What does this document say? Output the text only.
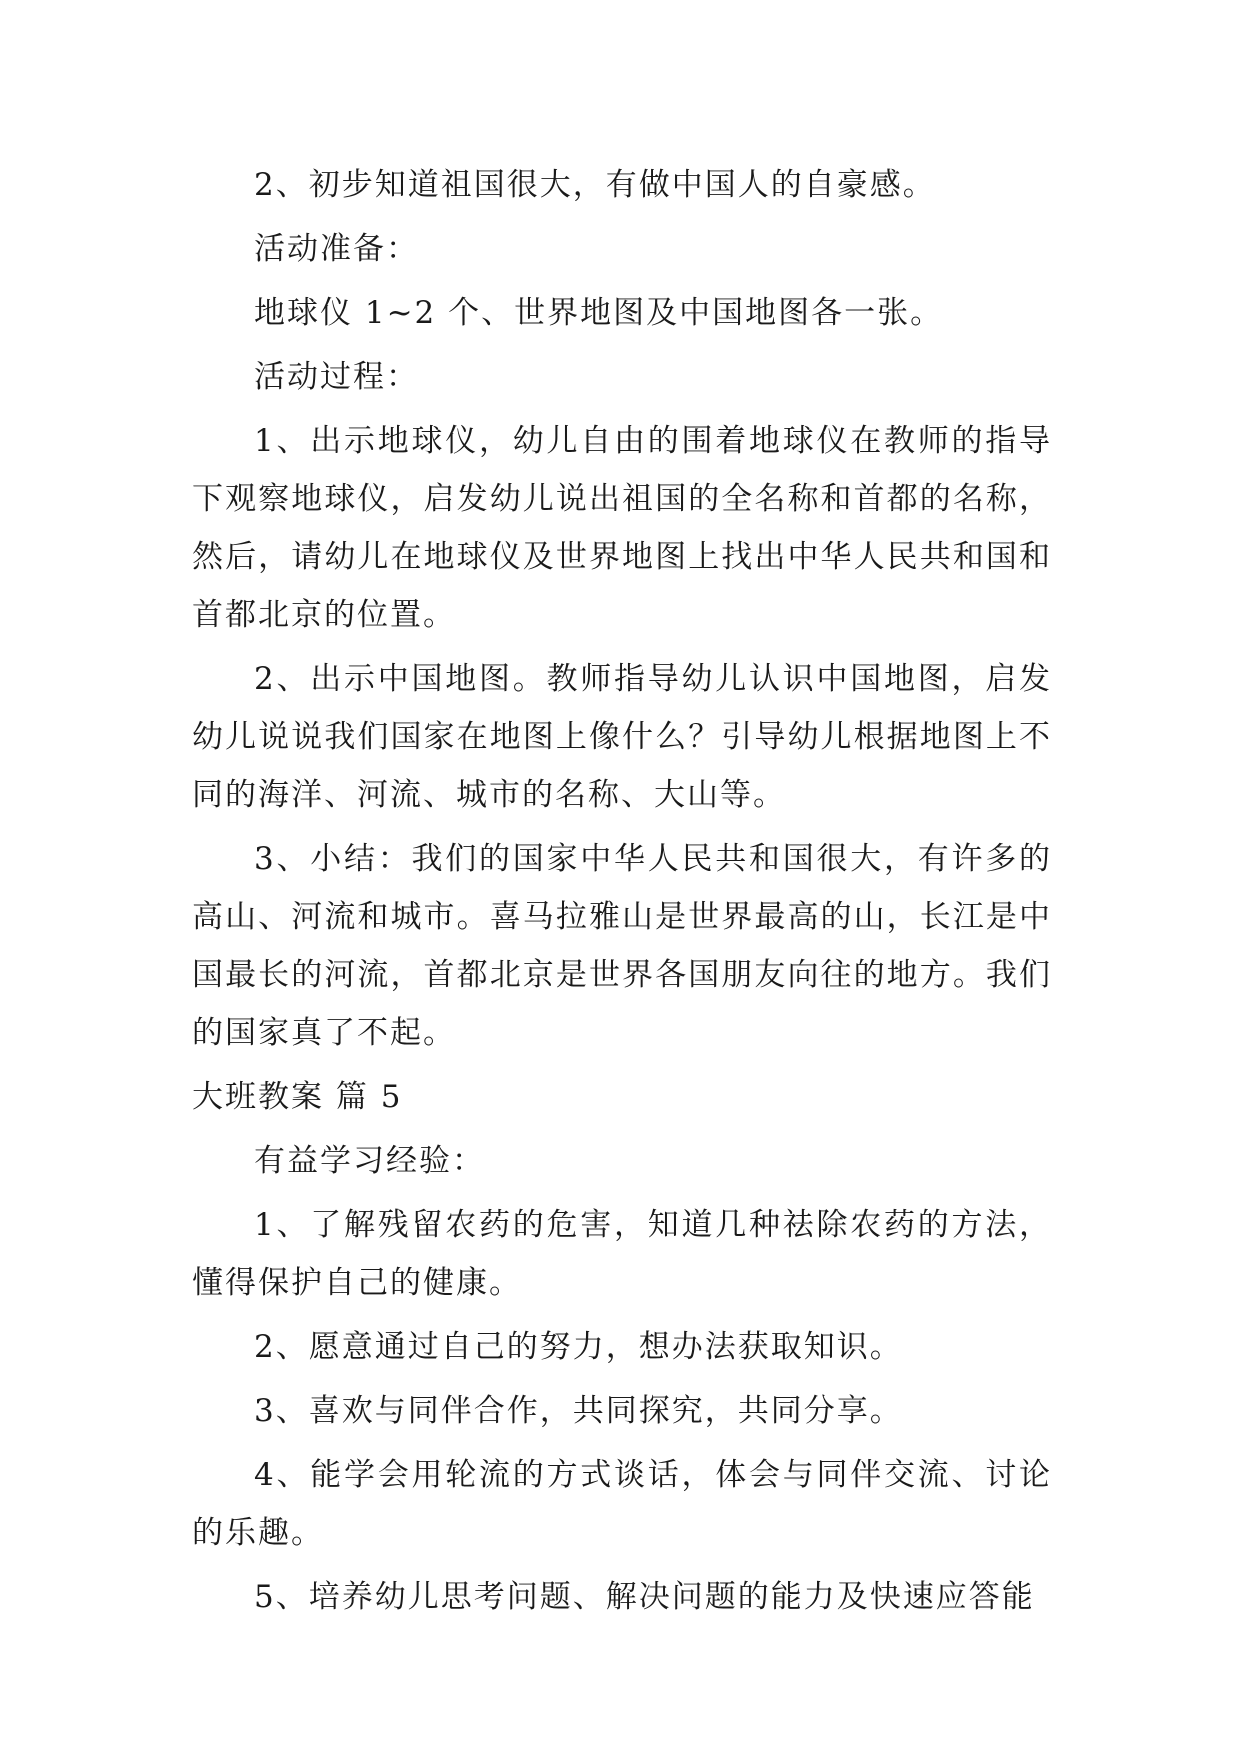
2、初步知道祖国很大，有做中国人的自豪感。

活动准备：

地球仪 1~2 个、世界地图及中国地图各一张。

活动过程：

1、出示地球仪，幼儿自由的围着地球仪在教师的指导下观察地球仪，启发幼儿说出祖国的全名称和首都的名称，然后，请幼儿在地球仪及世界地图上找出中华人民共和国和首都北京的位置。

2、出示中国地图。教师指导幼儿认识中国地图，启发幼儿说说我们国家在地图上像什么？引导幼儿根据地图上不同的海洋、河流、城市的名称、大山等。

3、小结：我们的国家中华人民共和国很大，有许多的高山、河流和城市。喜马拉雅山是世界最高的山，长江是中国最长的河流，首都北京是世界各国朋友向往的地方。我们的国家真了不起。

大班教案 篇 5

有益学习经验：

1、了解残留农药的危害，知道几种祛除农药的方法，懂得保护自己的健康。

2、愿意通过自己的努力，想办法获取知识。

3、喜欢与同伴合作，共同探究，共同分享。

4、能学会用轮流的方式谈话，体会与同伴交流、讨论的乐趣。

5、培养幼儿思考问题、解决问题的能力及快速应答能
